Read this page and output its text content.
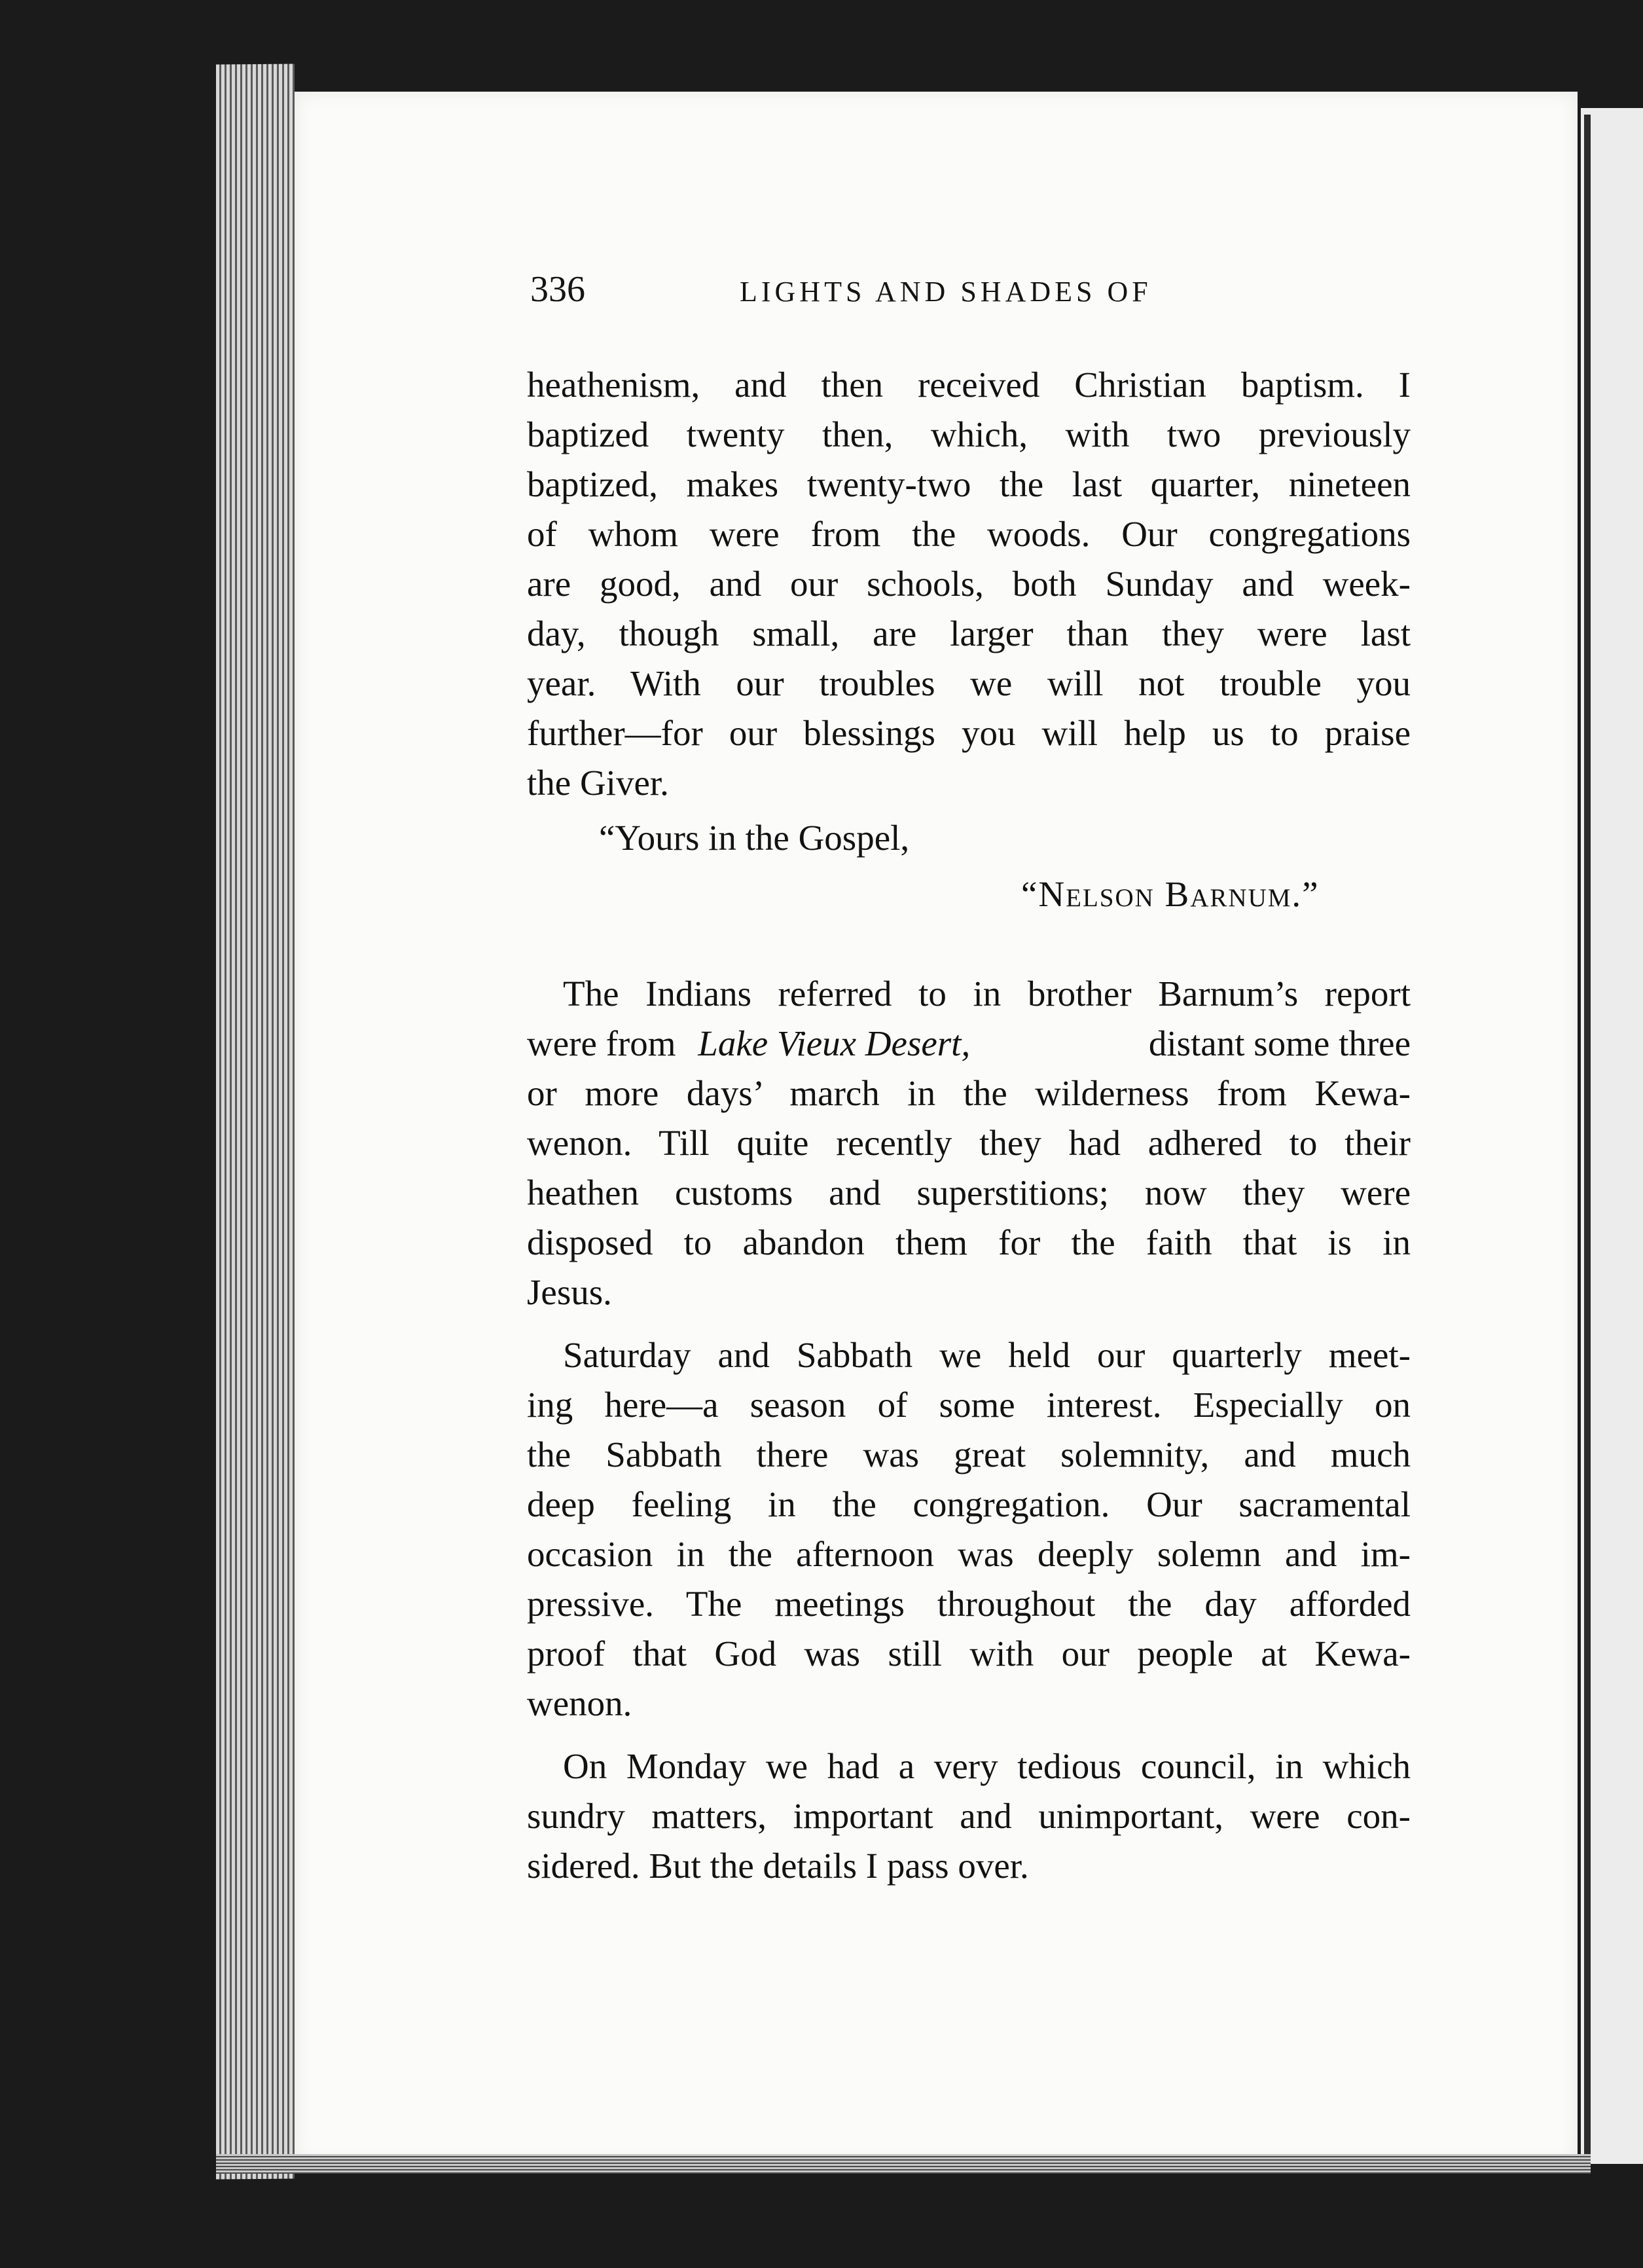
336	LIGHTS AND SHADES OF
heathenism, and then received Christian baptism. I
baptized twenty then, which, with two previously
baptized, makes twenty-two the last quarter, nineteen
of whom were from the woods. Our congregations
are good, and our schools, both Sunday and week-
day, though small, are larger than they were last
year. With our troubles we will not trouble you
further—for our blessings you will help us to praise
the Giver.
“Yours in the Gospel,
“Nelson Barnum.”
The Indians referred to in brother Barnum’s report
were from Lake Vieux Desert,	distant some three
or more days’ march in the wilderness from Kewa-
wenon. Till quite recently they had adhered to their
heathen customs and superstitions; now they were
disposed to abandon them for the faith that is in
Jesus.
Saturday and Sabbath we held our quarterly meet-
ing here—a season of some interest. Especially on
the Sabbath there was great solemnity, and much
deep feeling in the congregation. Our sacramental
occasion in the afternoon was deeply solemn and im-
pressive. The meetings throughout the day afforded
proof that God was still with our people at Kewa-
wenon.
On Monday we had a very tedious council, in which
sundry matters, important and unimportant, were con-
sidered. But the details I pass over.
